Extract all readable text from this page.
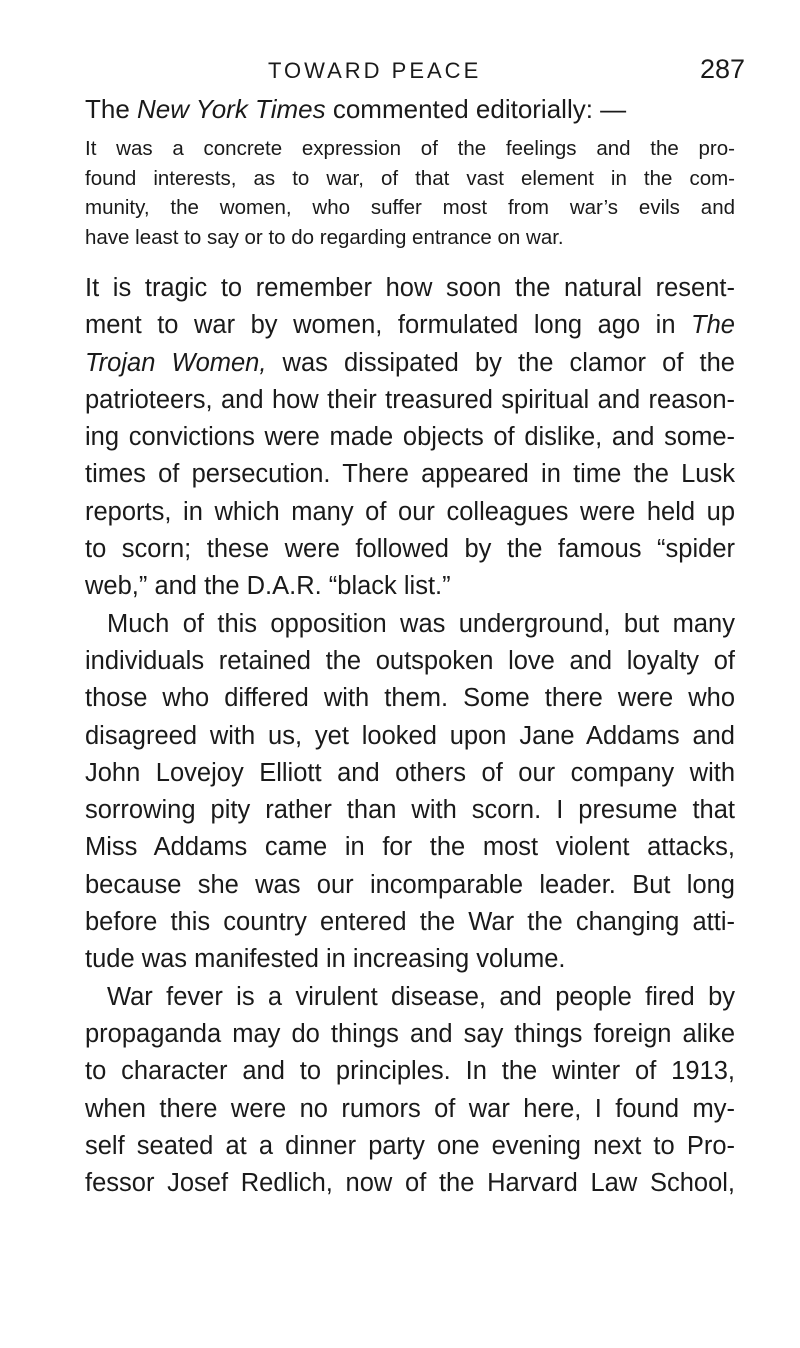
TOWARD PEACE	287

The New York Times commented editorially: —

It was a concrete expression of the feelings and the pro-
found interests, as to war, of that vast element in the com-
munity, the women, who suffer most from war’s evils and
have least to say or to do regarding entrance on war.

It is tragic to remember how soon the natural resent-
ment to war by women, formulated long ago in The
Trojan Women, was dissipated by the clamor of the
patrioteers, and how their treasured spiritual and reason-
ing convictions were made objects of dislike, and some-
times of persecution. There appeared in time the Lusk
reports, in which many of our colleagues were held up
to scorn; these were followed by the famous “spider
web,” and the D.A.R. “black list.”

Much of this opposition was underground, but many
individuals retained the outspoken love and loyalty of
those who differed with them. Some there were who
disagreed with us, yet looked upon Jane Addams and
John Lovejoy Elliott and others of our company with
sorrowing pity rather than with scorn. I presume that
Miss Addams came in for the most violent attacks,
because she was our incomparable leader. But long
before this country entered the War the changing atti-
tude was manifested in increasing volume.

War fever is a virulent disease, and people fired by
propaganda may do things and say things foreign alike
to character and to principles. In the winter of 1913,
when there were no rumors of war here, I found my-
self seated at a dinner party one evening next to Pro-
fessor Josef Redlich, now of the Harvard Law School,
